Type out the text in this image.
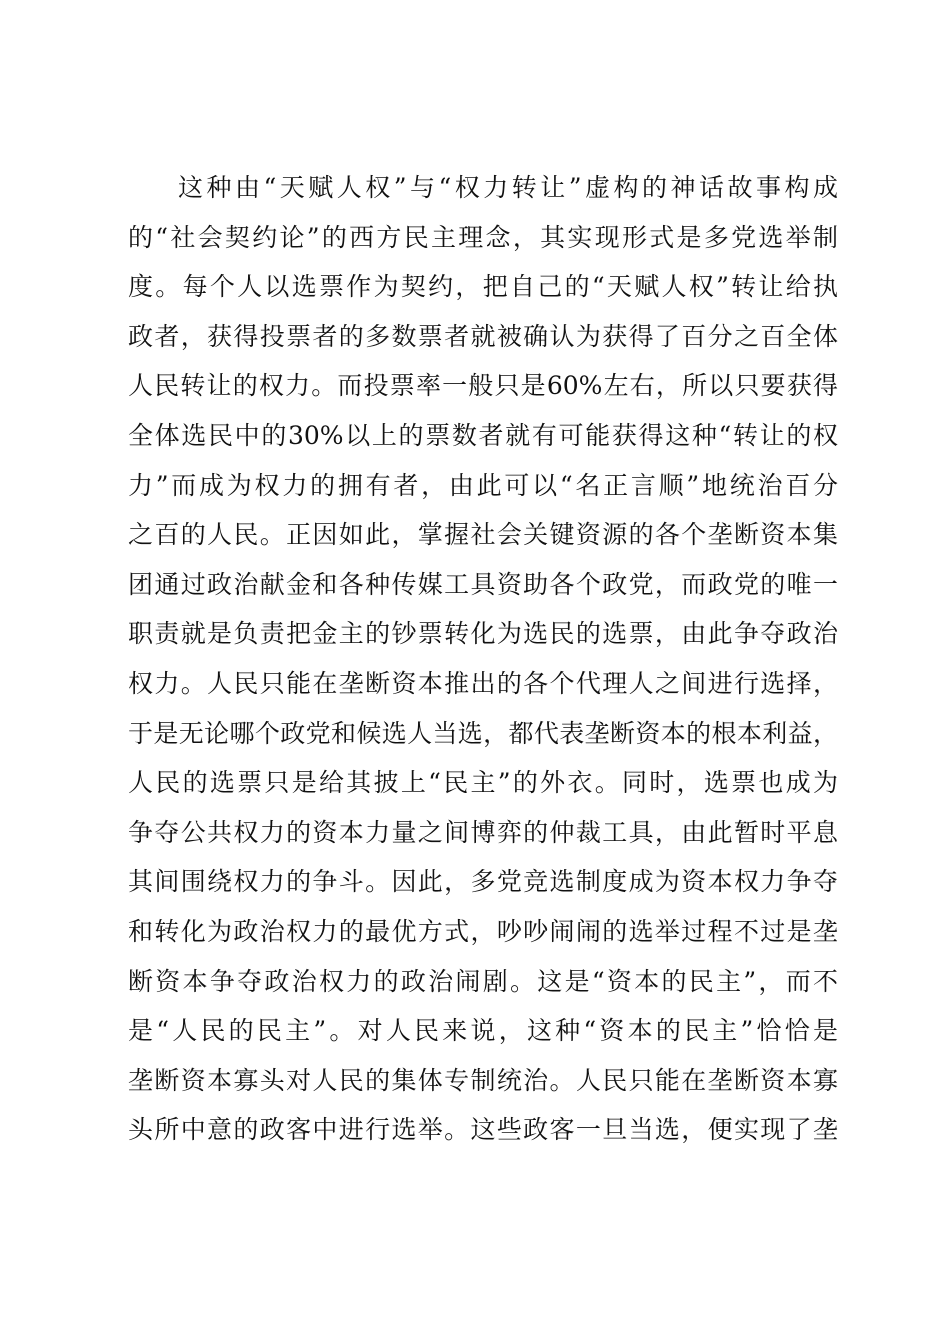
这种由“天赋人权”与“权力转让”虚构的神话故事构成
的“社会契约论”的西方民主理念，其实现形式是多党选举制
度。每个人以选票作为契约，把自己的“天赋人权”转让给执
政者，获得投票者的多数票者就被确认为获得了百分之百全体
人民转让的权力。而投票率一般只是60%左右，所以只要获得
全体选民中的30%以上的票数者就有可能获得这种“转让的权
力”而成为权力的拥有者，由此可以“名正言顺”地统治百分
之百的人民。正因如此，掌握社会关键资源的各个垄断资本集
团通过政治献金和各种传媒工具资助各个政党，而政党的唯一
职责就是负责把金主的钞票转化为选民的选票，由此争夺政治
权力。人民只能在垄断资本推出的各个代理人之间进行选择，
于是无论哪个政党和候选人当选，都代表垄断资本的根本利益，
人民的选票只是给其披上“民主”的外衣。同时，选票也成为
争夺公共权力的资本力量之间博弈的仲裁工具，由此暂时平息
其间围绕权力的争斗。因此，多党竞选制度成为资本权力争夺
和转化为政治权力的最优方式，吵吵闹闹的选举过程不过是垄
断资本争夺政治权力的政治闹剧。这是“资本的民主”，而不
是“人民的民主”。对人民来说，这种“资本的民主”恰恰是
垄断资本寡头对人民的集体专制统治。人民只能在垄断资本寡
头所中意的政客中进行选举。这些政客一旦当选，便实现了垄
